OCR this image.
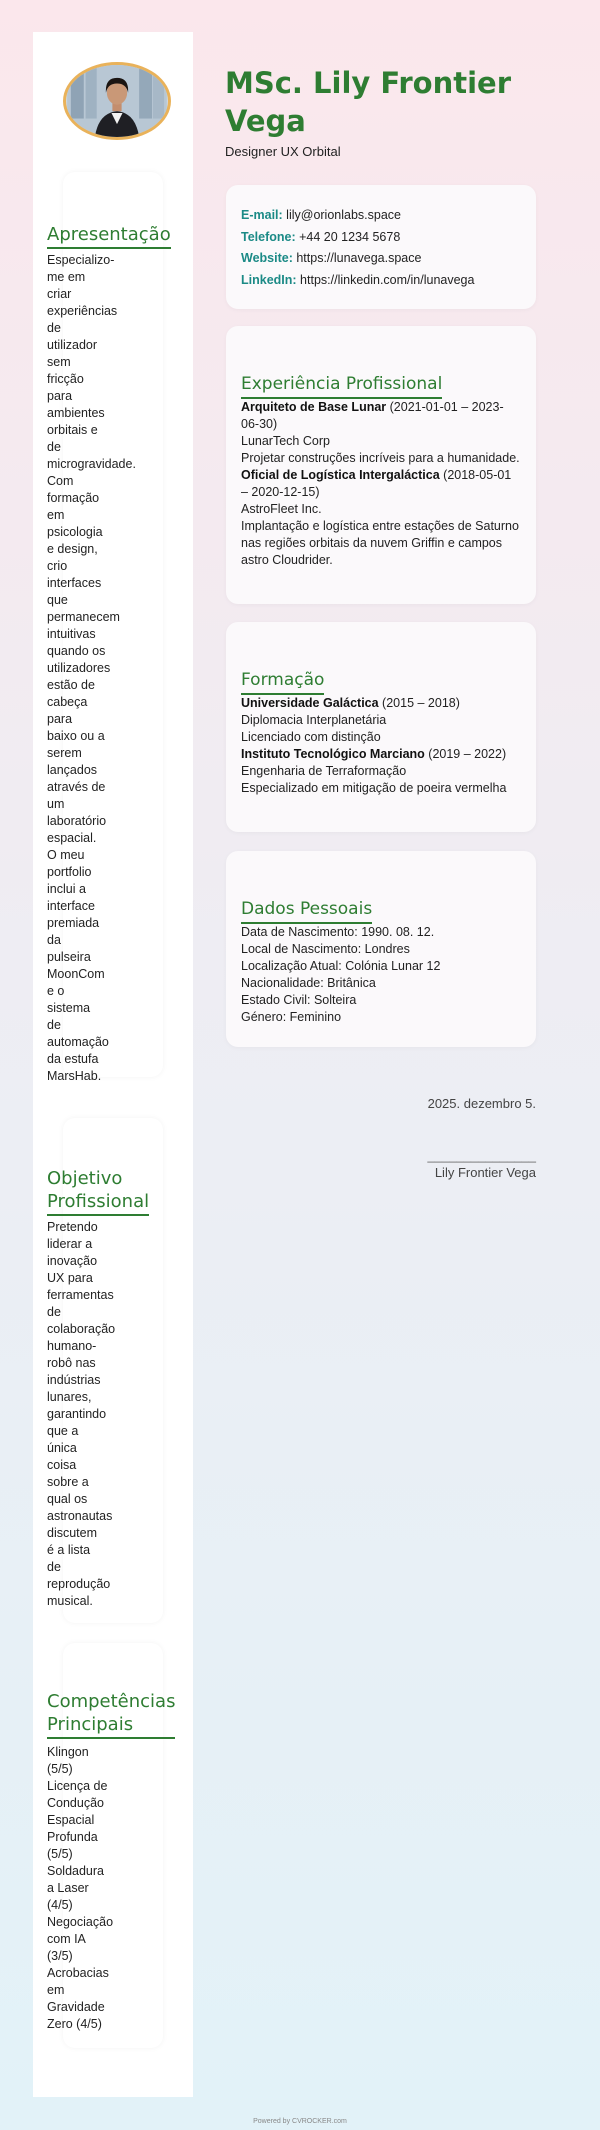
Apresentação
Especializo-
me em
criar
experiências
de
utilizador
sem
fricção
para
ambientes
orbitais e
de
microgravidade.
Com
formação
em
psicologia
e design,
crio
interfaces
que
permanecem
intuitivas
quando os
utilizadores
estão de
cabeça
para
baixo ou a
serem
lançados
através de
um
laboratório
espacial.
O meu
portfolio
inclui a
interface
premiada
da
pulseira
MoonCom
e o
sistema
de
automação
da estufa
MarsHab.
Objetivo
Profissional
Pretendo
liderar a
inovação
UX para
ferramentas
de
colaboração
humano-
robô nas
indústrias
lunares,
garantindo
que a
única
coisa
sobre a
qual os
astronautas
discutem
é a lista
de
reprodução
musical.
Competências
Principais
Klingon
(5/5)
Licença de
Condução
Espacial
Profunda
(5/5)
Soldadura
a Laser
(4/5)
Negociação
com IA
(3/5)
Acrobacias
em
Gravidade
Zero (4/5)
MSc. Lily Frontier Vega
Designer UX Orbital
E-mail: lily@orionlabs.space
Telefone: +44 20 1234 5678
Website: https://lunavega.space
LinkedIn: https://linkedin.com/in/lunavega
Experiência Profissional
Arquiteto de Base Lunar (2021-01-01 – 2023-06-30)
LunarTech Corp
Projetar construções incríveis para a humanidade.
Oficial de Logística Intergaláctica (2018-05-01 – 2020-12-15)
AstroFleet Inc.
Implantação e logística entre estações de Saturno nas regiões orbitais da nuvem Griffin e campos astro Cloudrider.
Formação
Universidade Galáctica (2015 – 2018)
Diplomacia Interplanetária
Licenciado com distinção
Instituto Tecnológico Marciano (2019 – 2022)
Engenharia de Terraformação
Especializado em mitigação de poeira vermelha
Dados Pessoais
Data de Nascimento: 1990. 08. 12.
Local de Nascimento: Londres
Localização Atual: Colónia Lunar 12
Nacionalidade: Britânica
Estado Civil: Solteira
Género: Feminino
2025. dezembro 5.
_______________
Lily Frontier Vega
Powered by CVROCKER.com
